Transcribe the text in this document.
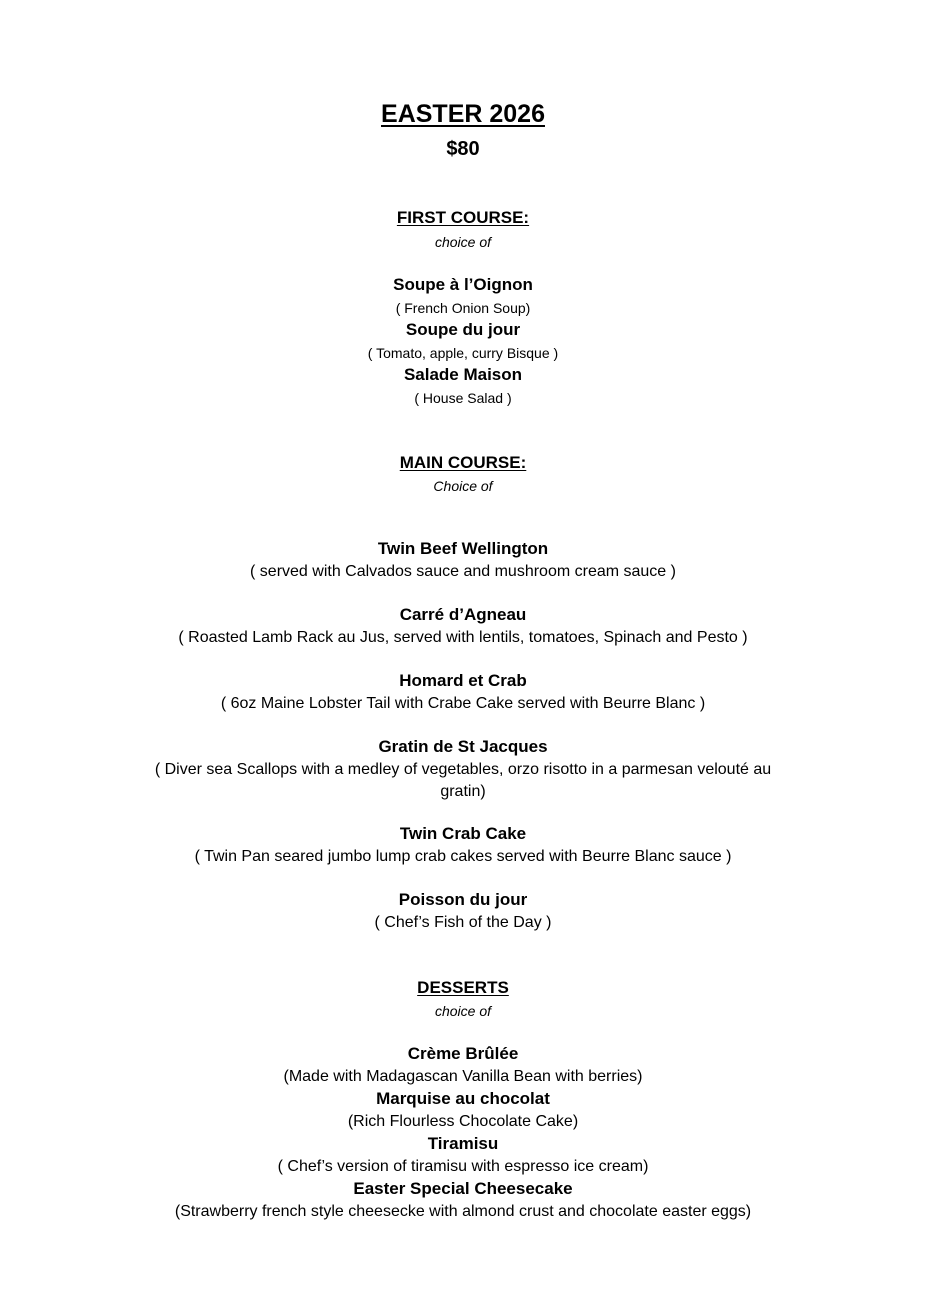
EASTER 2026
$80
FIRST COURSE:
choice of
Soupe à l’Oignon
( French Onion Soup)
Soupe du jour
( Tomato, apple, curry Bisque )
Salade Maison
( House Salad )
MAIN COURSE:
Choice of
Twin Beef Wellington
( served with Calvados sauce and mushroom cream sauce )
Carré d’Agneau
( Roasted Lamb Rack au Jus, served with lentils, tomatoes, Spinach and Pesto )
Homard et Crab
( 6oz Maine Lobster Tail with Crabe Cake served with Beurre Blanc )
Gratin de St Jacques
( Diver sea Scallops with a medley of vegetables, orzo risotto in a parmesan velouté au
gratin)
Twin Crab Cake
( Twin Pan seared jumbo lump crab cakes served with Beurre Blanc sauce )
Poisson du jour
( Chef’s Fish of the Day )
DESSERTS
choice of
Crème Brûlée
(Made with Madagascan Vanilla Bean with berries)
Marquise au chocolat
(Rich Flourless Chocolate Cake)
Tiramisu
( Chef’s version of tiramisu with espresso ice cream)
Easter Special Cheesecake
(Strawberry french style cheesecke with almond crust and chocolate easter eggs)
